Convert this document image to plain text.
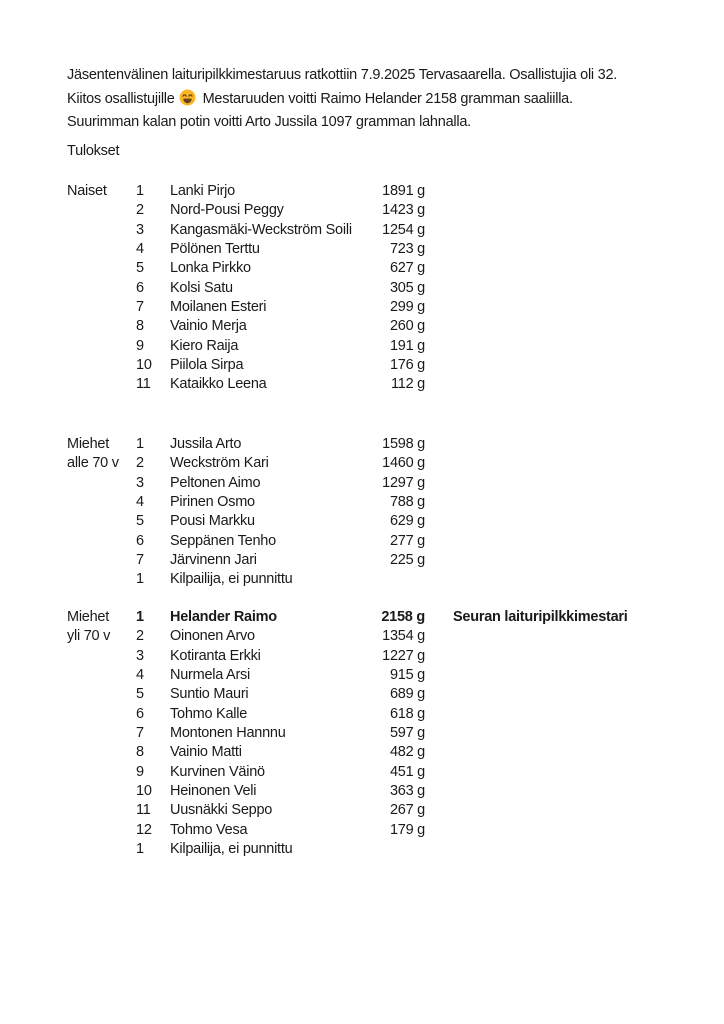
Jäsentenvälinen laituripilkkimestaruus ratkottiin 7.9.2025 Tervasaarella. Osallistujia oli 32.
Kiitos osallistujille Mestaruuden voitti Raimo Helander 2158 gramman saaliilla.
Suurimman kalan potin voitti Arto Jussila 1097 gramman lahnalla.
Tulokset
Naiset 1 Lanki Pirjo	1891 g
2 Nord-Pousi Peggy	1423 g
3 Kangasmäki-Weckström Soili	1254 g
4 Pölönen Terttu	723 g
5 Lonka Pirkko	627 g
6 Kolsi Satu	305 g
7 Moilanen Esteri	299 g
8 Vainio Merja	260 g
9 Kiero Raija	191 g
10 Piilola Sirpa	176 g
11 Kataikko Leena	112 g
Miehet
alle 70 v
1 Jussila Arto	1598 g
2 Weckström Kari	1460 g
3 Peltonen Aimo	1297 g
4 Pirinen Osmo	788 g
5 Pousi Markku	629 g
6 Seppänen Tenho	277 g
7 Järvinenn Jari	225 g
1 Kilpailija, ei punnittu
Miehet
yli 70 v
1 Helander Raimo	2158 g Seuran laituripilkkimestari
2 Oinonen Arvo	1354 g
3 Kotiranta Erkki	1227 g
4 Nurmela Arsi	915 g
5 Suntio Mauri	689 g
6 Tohmo Kalle	618 g
7 Montonen Hannnu	597 g
8 Vainio Matti	482 g
9 Kurvinen Väinö	451 g
10 Heinonen Veli	363 g
11 Uusnäkki Seppo	267 g
12 Tohmo Vesa	179 g
1 Kilpailija, ei punnittu
